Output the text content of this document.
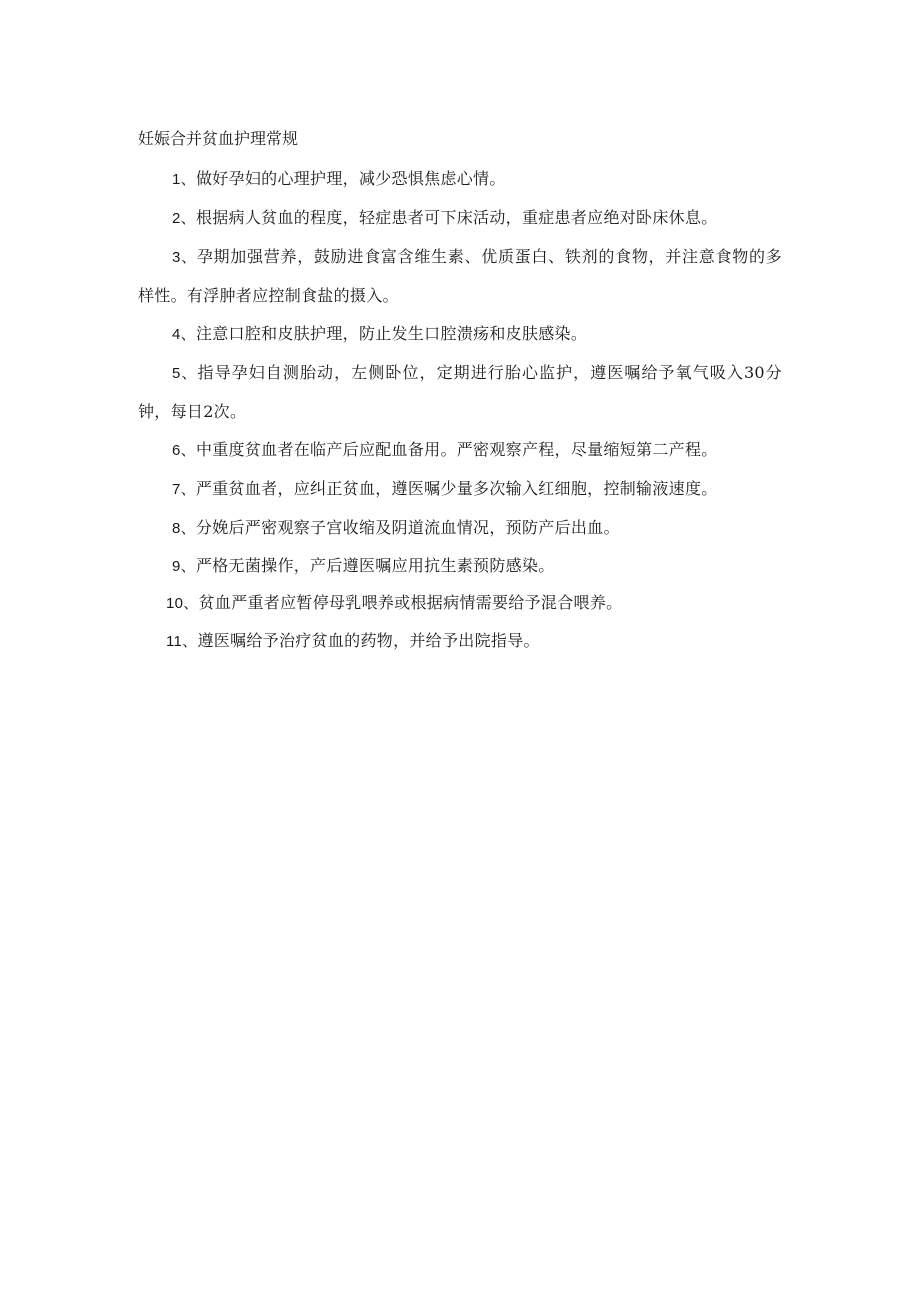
妊娠合并贫血护理常规

1、做好孕妇的心理护理，减少恐惧焦虑心情。

2、根据病人贫血的程度，轻症患者可下床活动，重症患者应绝对卧床休息。

3、孕期加强营养，鼓励进食富含维生素、优质蛋白、铁剂的食物，并注意食物的多样性。有浮肿者应控制食盐的摄入。

4、注意口腔和皮肤护理，防止发生口腔溃疡和皮肤感染。

5、指导孕妇自测胎动，左侧卧位，定期进行胎心监护，遵医嘱给予氧气吸入30分钟，每日2次。

6、中重度贫血者在临产后应配血备用。严密观察产程，尽量缩短第二产程。

7、严重贫血者，应纠正贫血，遵医嘱少量多次输入红细胞，控制输液速度。

8、分娩后严密观察子宫收缩及阴道流血情况，预防产后出血。

9、严格无菌操作，产后遵医嘱应用抗生素预防感染。

10、贫血严重者应暂停母乳喂养或根据病情需要给予混合喂养。

11、遵医嘱给予治疗贫血的药物，并给予出院指导。
